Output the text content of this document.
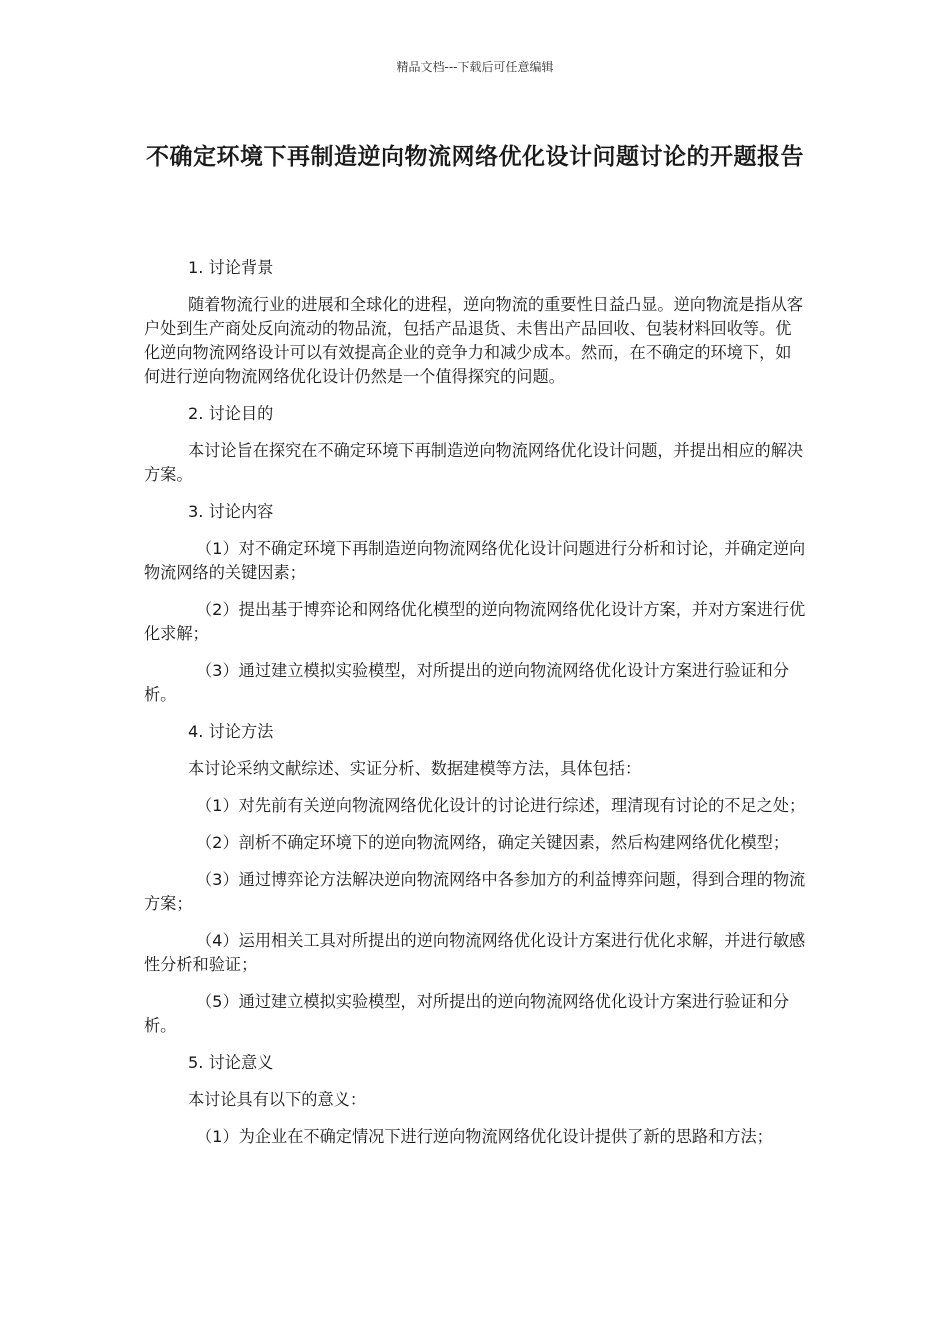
精品文档---下载后可任意编辑
不确定环境下再制造逆向物流网络优化设计问题讨论的开题报告

1. 讨论背景

随着物流行业的进展和全球化的进程，逆向物流的重要性日益凸显。逆向物流是指从客户处到生产商处反向流动的物品流，包括产品退货、未售出产品回收、包装材料回收等。优化逆向物流网络设计可以有效提高企业的竞争力和减少成本。然而，在不确定的环境下，如何进行逆向物流网络优化设计仍然是一个值得探究的问题。

2. 讨论目的

本讨论旨在探究在不确定环境下再制造逆向物流网络优化设计问题，并提出相应的解决方案。

3. 讨论内容

（1）对不确定环境下再制造逆向物流网络优化设计问题进行分析和讨论，并确定逆向物流网络的关键因素；

（2）提出基于博弈论和网络优化模型的逆向物流网络优化设计方案，并对方案进行优化求解；

（3）通过建立模拟实验模型，对所提出的逆向物流网络优化设计方案进行验证和分析。

4. 讨论方法

本讨论采纳文献综述、实证分析、数据建模等方法，具体包括：

（1）对先前有关逆向物流网络优化设计的讨论进行综述，理清现有讨论的不足之处；

（2）剖析不确定环境下的逆向物流网络，确定关键因素，然后构建网络优化模型；

（3）通过博弈论方法解决逆向物流网络中各参加方的利益博弈问题，得到合理的物流方案；

（4）运用相关工具对所提出的逆向物流网络优化设计方案进行优化求解，并进行敏感性分析和验证；

（5）通过建立模拟实验模型，对所提出的逆向物流网络优化设计方案进行验证和分析。

5. 讨论意义

本讨论具有以下的意义：

（1）为企业在不确定情况下进行逆向物流网络优化设计提供了新的思路和方法；
